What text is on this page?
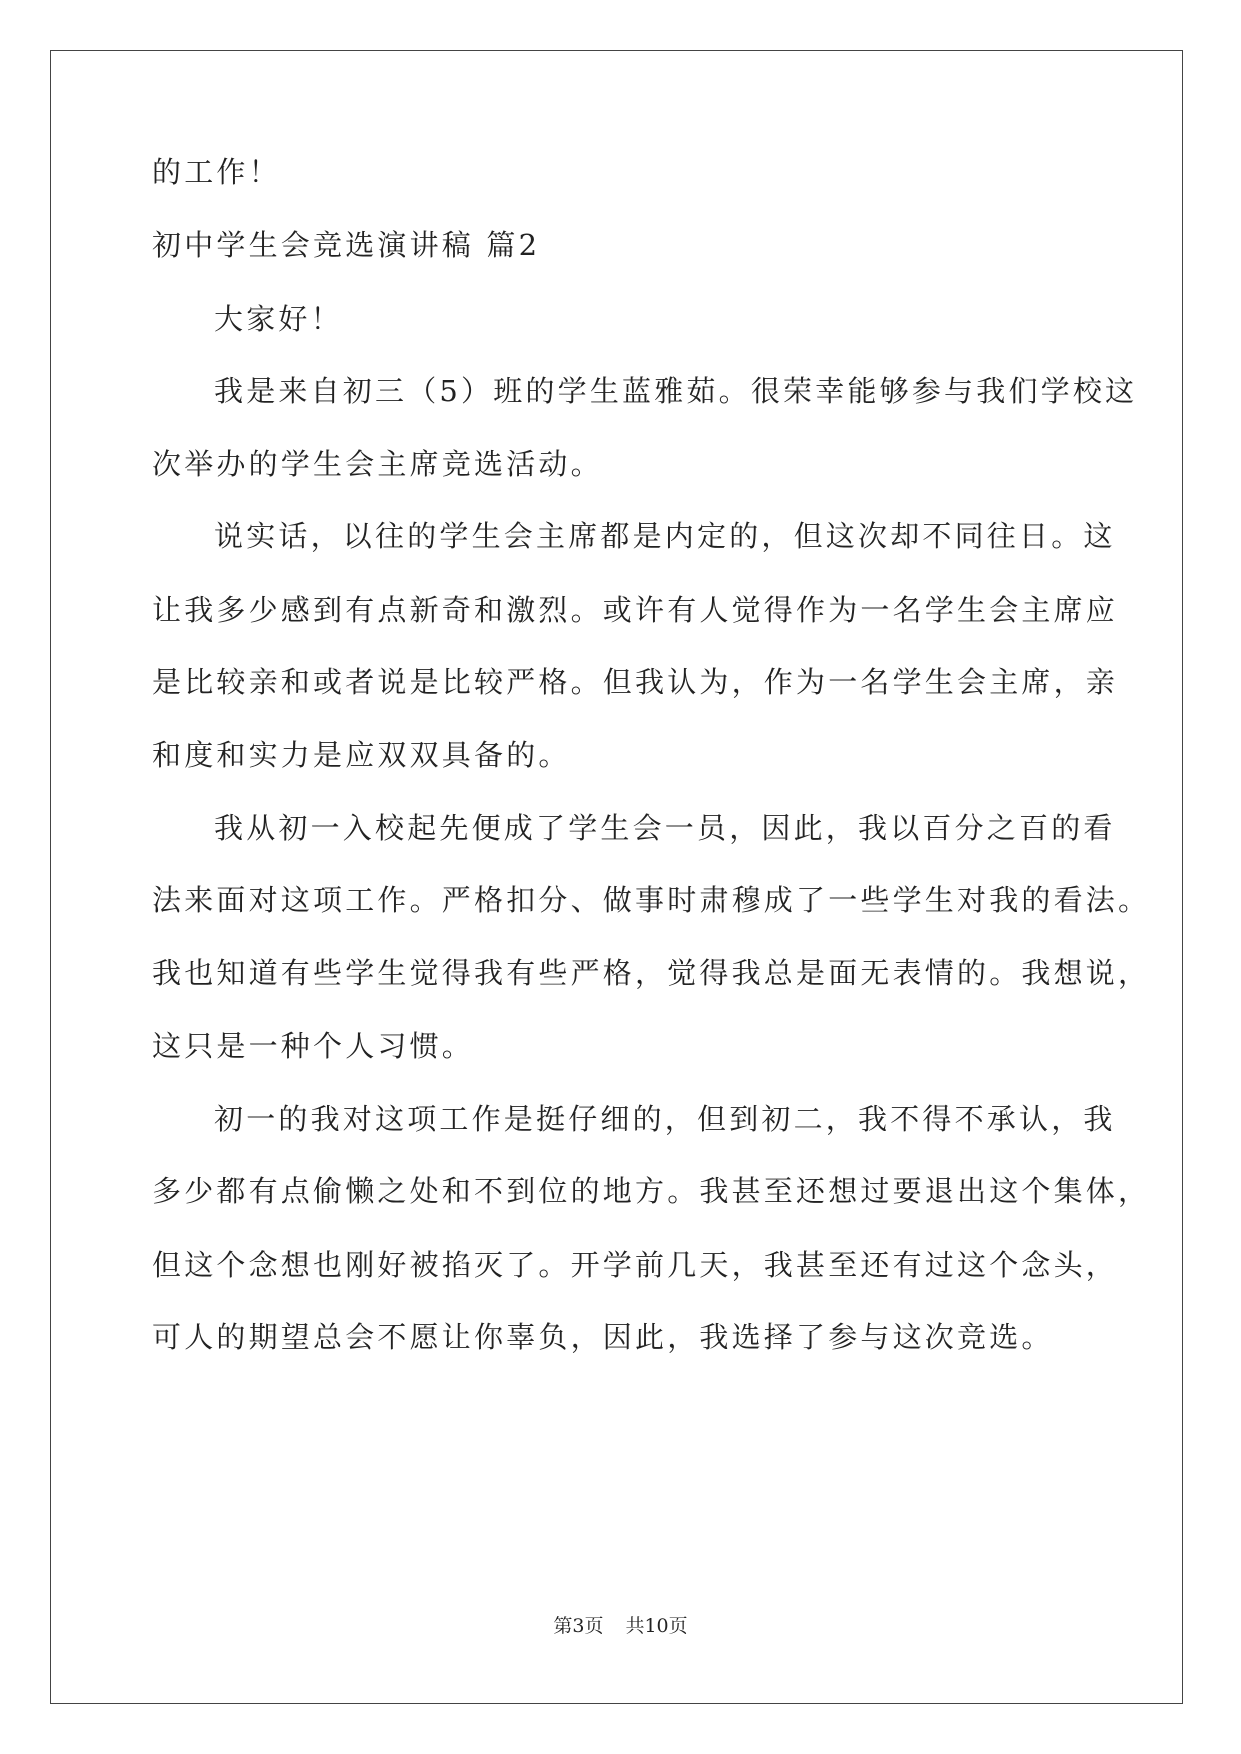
的工作！
初中学生会竞选演讲稿 篇2
大家好！
我是来自初三（5）班的学生蓝雅茹。很荣幸能够参与我们学校这
次举办的学生会主席竞选活动。
说实话，以往的学生会主席都是内定的，但这次却不同往日。这
让我多少感到有点新奇和激烈。或许有人觉得作为一名学生会主席应
是比较亲和或者说是比较严格。但我认为，作为一名学生会主席，亲
和度和实力是应双双具备的。
我从初一入校起先便成了学生会一员，因此，我以百分之百的看
法来面对这项工作。严格扣分、做事时肃穆成了一些学生对我的看法。
我也知道有些学生觉得我有些严格，觉得我总是面无表情的。我想说，
这只是一种个人习惯。
初一的我对这项工作是挺仔细的，但到初二，我不得不承认，我
多少都有点偷懒之处和不到位的地方。我甚至还想过要退出这个集体，
但这个念想也刚好被掐灭了。开学前几天，我甚至还有过这个念头，
可人的期望总会不愿让你辜负，因此，我选择了参与这次竞选。
第3页 共10页
